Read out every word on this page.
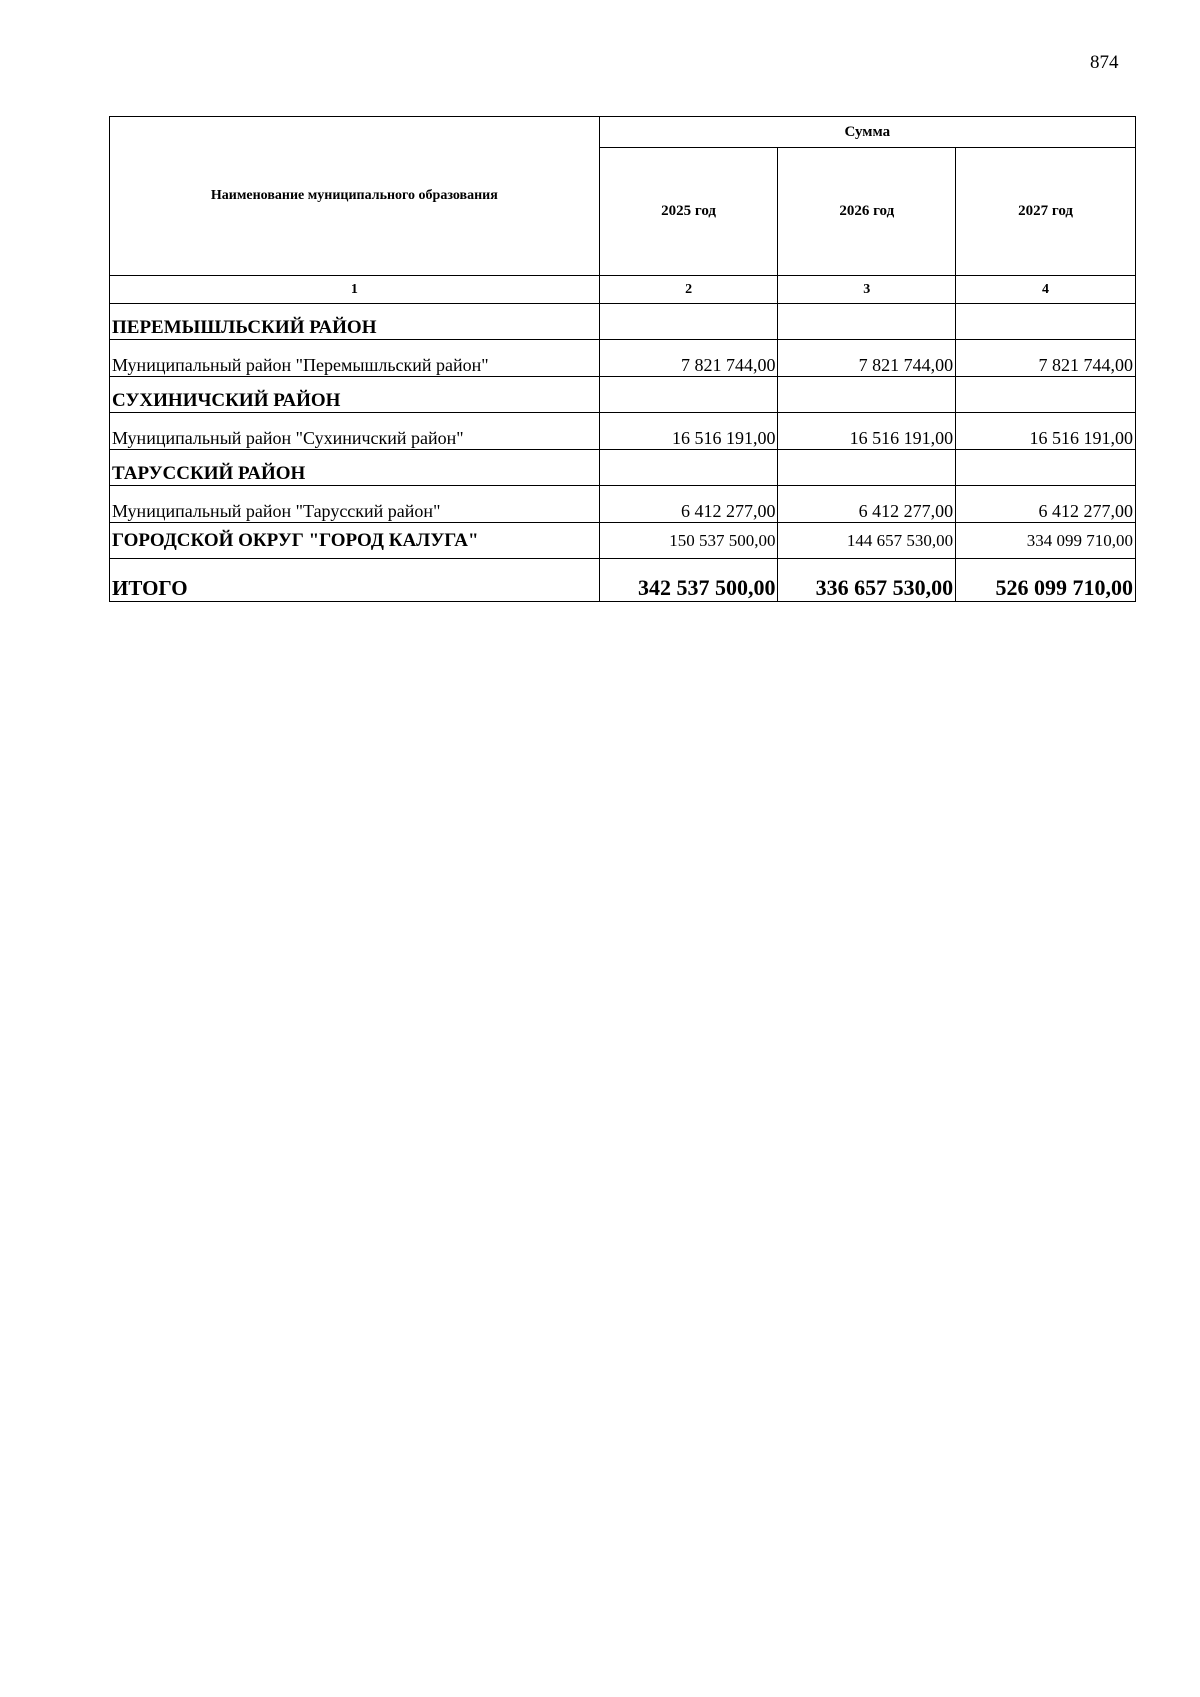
874
Наименование муниципального образования	Сумма		
	2025 год	2026 год	2027 год
1	2	3	4
ПЕРЕМЫШЛЬСКИЙ РАЙОН			
Муниципальный район "Перемышльский район"	7 821 744,00	7 821 744,00	7 821 744,00
СУХИНИЧСКИЙ РАЙОН			
Муниципальный район "Сухиничский район"	16 516 191,00	16 516 191,00	16 516 191,00
ТАРУССКИЙ РАЙОН			
Муниципальный район "Тарусский район"	6 412 277,00	6 412 277,00	6 412 277,00
ГОРОДСКОЙ ОКРУГ "ГОРОД КАЛУГА"	150 537 500,00	144 657 530,00	334 099 710,00
ИТОГО	342 537 500,00	336 657 530,00	526 099 710,00
